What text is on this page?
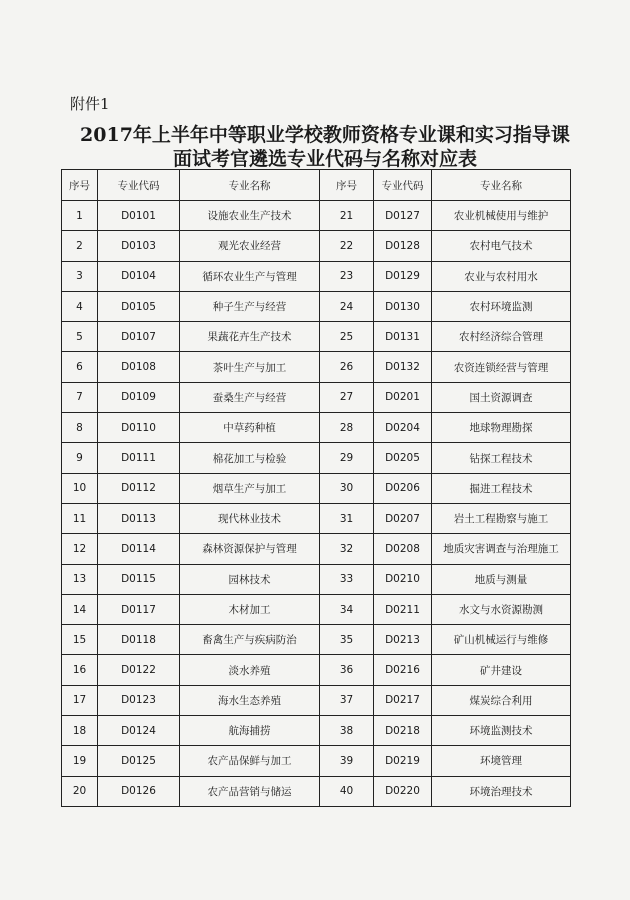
附件1
2017年上半年中等职业学校教师资格专业课和实习指导课
面试考官遴选专业代码与名称对应表
序号	专业代码	专业名称	序号	专业代码	专业名称
1	D0101	设施农业生产技术	21	D0127	农业机械使用与维护
2	D0103	观光农业经营	22	D0128	农村电气技术
3	D0104	循环农业生产与管理	23	D0129	农业与农村用水
4	D0105	种子生产与经营	24	D0130	农村环境监测
5	D0107	果蔬花卉生产技术	25	D0131	农村经济综合管理
6	D0108	茶叶生产与加工	26	D0132	农资连锁经营与管理
7	D0109	蚕桑生产与经营	27	D0201	国土资源调查
8	D0110	中草药种植	28	D0204	地球物理勘探
9	D0111	棉花加工与检验	29	D0205	钻探工程技术
10	D0112	烟草生产与加工	30	D0206	掘进工程技术
11	D0113	现代林业技术	31	D0207	岩土工程勘察与施工
12	D0114	森林资源保护与管理	32	D0208	地质灾害调查与治理施工
13	D0115	园林技术	33	D0210	地质与测量
14	D0117	木材加工	34	D0211	水文与水资源勘测
15	D0118	畜禽生产与疾病防治	35	D0213	矿山机械运行与维修
16	D0122	淡水养殖	36	D0216	矿井建设
17	D0123	海水生态养殖	37	D0217	煤炭综合利用
18	D0124	航海捕捞	38	D0218	环境监测技术
19	D0125	农产品保鲜与加工	39	D0219	环境管理
20	D0126	农产品营销与储运	40	D0220	环境治理技术
